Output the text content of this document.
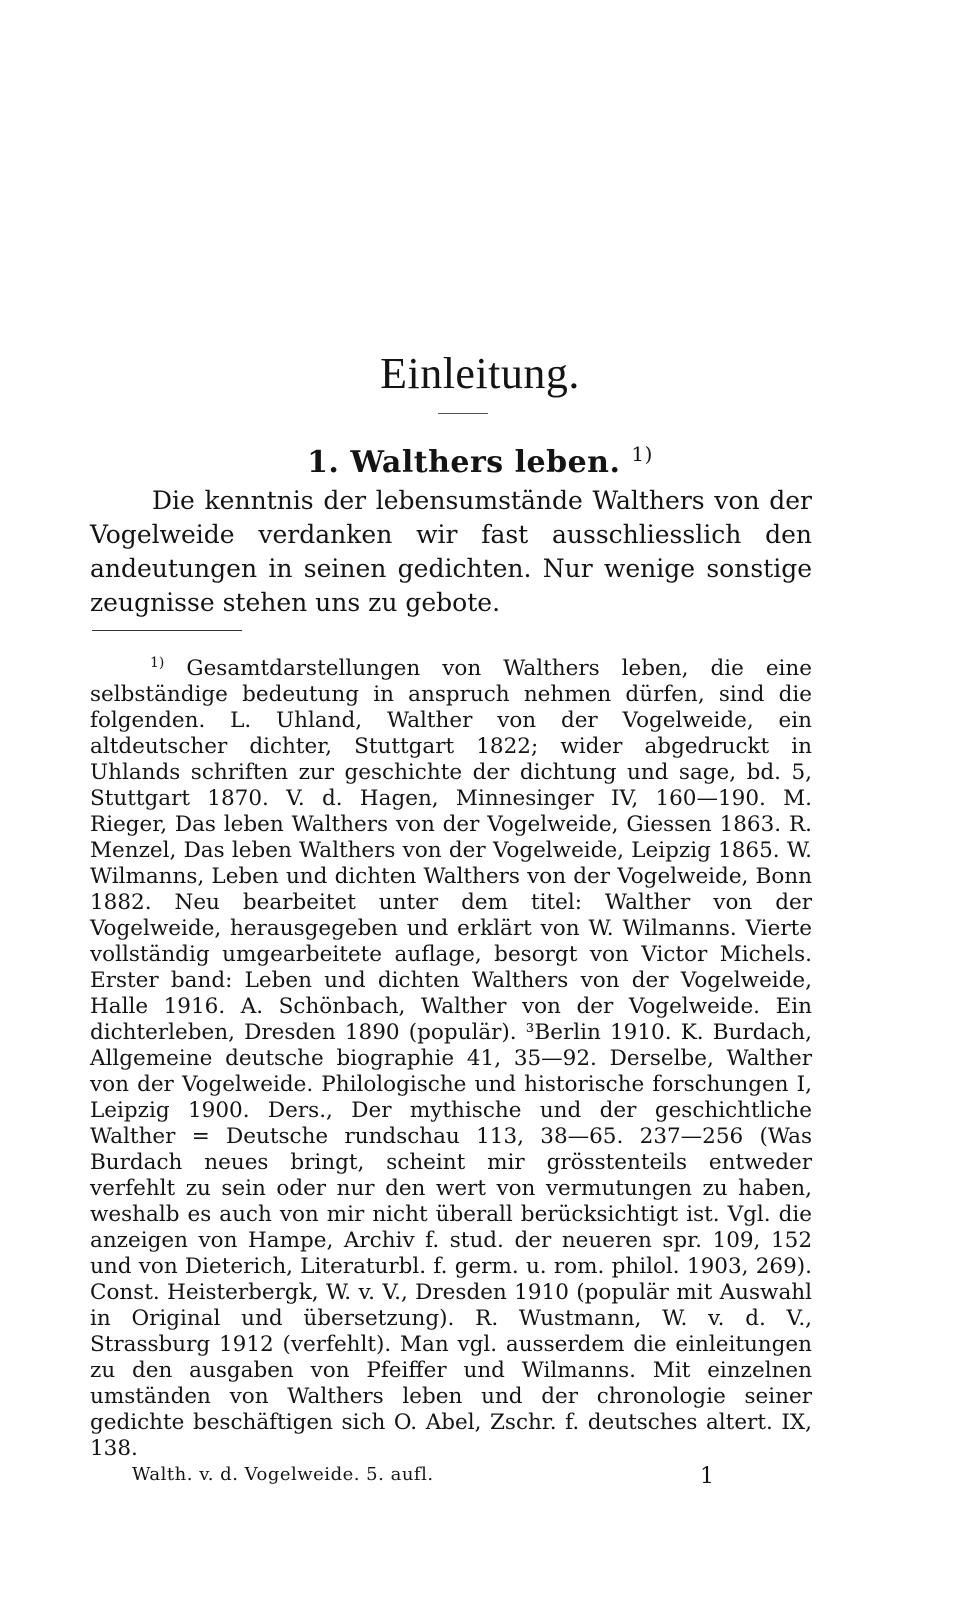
Einleitung.
1. Walthers leben. $^{1)}$

Die kenntnis der lebensumstände Walthers von der Vogelweide verdanken wir fast ausschliesslich den andeutungen in seinen gedichten. Nur wenige sonstige zeugnisse stehen uns zu gebote.

$^{1)}$ Gesamtdarstellungen von Walthers leben, die eine selbständige bedeutung in anspruch nehmen dürfen, sind die folgenden. L. Uhland, Walther von der Vogelweide, ein altdeutscher dichter, Stuttgart 1822; wider abgedruckt in Uhlands schriften zur geschichte der dichtung und sage, bd. 5, Stuttgart 1870. V. d. Hagen, Minnesinger IV, 160—190. M. Rieger, Das leben Walthers von der Vogelweide, Giessen 1863. R. Menzel, Das leben Walthers von der Vogelweide, Leipzig 1865. W. Wilmanns, Leben und dichten Walthers von der Vogelweide, Bonn 1882. Neu bearbeitet unter dem titel: Walther von der Vogelweide, herausgegeben und erklärt von W. Wilmanns. Vierte vollständig umgearbeitete auflage, besorgt von Victor Michels. Erster band: Leben und dichten Walthers von der Vogelweide, Halle 1916. A. Schönbach, Walther von der Vogelweide. Ein dichterleben, Dresden 1890 (populär). ³Berlin 1910. K. Burdach, Allgemeine deutsche biographie 41, 35—92. Derselbe, Walther von der Vogelweide. Philologische und historische forschungen I, Leipzig 1900. Ders., Der mythische und der geschichtliche Walther = Deutsche rundschau 113, 38—65. 237—256 (Was Burdach neues bringt, scheint mir grösstenteils entweder verfehlt zu sein oder nur den wert von vermutungen zu haben, weshalb es auch von mir nicht überall berücksichtigt ist. Vgl. die anzeigen von Hampe, Archiv f. stud. der neueren spr. 109, 152 und von Dieterich, Literaturbl. f. germ. u. rom. philol. 1903, 269). Const. Heisterbergk, W. v. V., Dresden 1910 (populär mit Auswahl in Original und übersetzung). R. Wustmann, W. v. d. V., Strassburg 1912 (verfehlt). Man vgl. ausserdem die einleitungen zu den ausgaben von Pfeiffer und Wilmanns. Mit einzelnen umständen von Walthers leben und der chronologie seiner gedichte beschäftigen sich O. Abel, Zschr. f. deutsches altert. IX, 138.

Walth. v. d. Vogelweide. 5. aufl.	1
